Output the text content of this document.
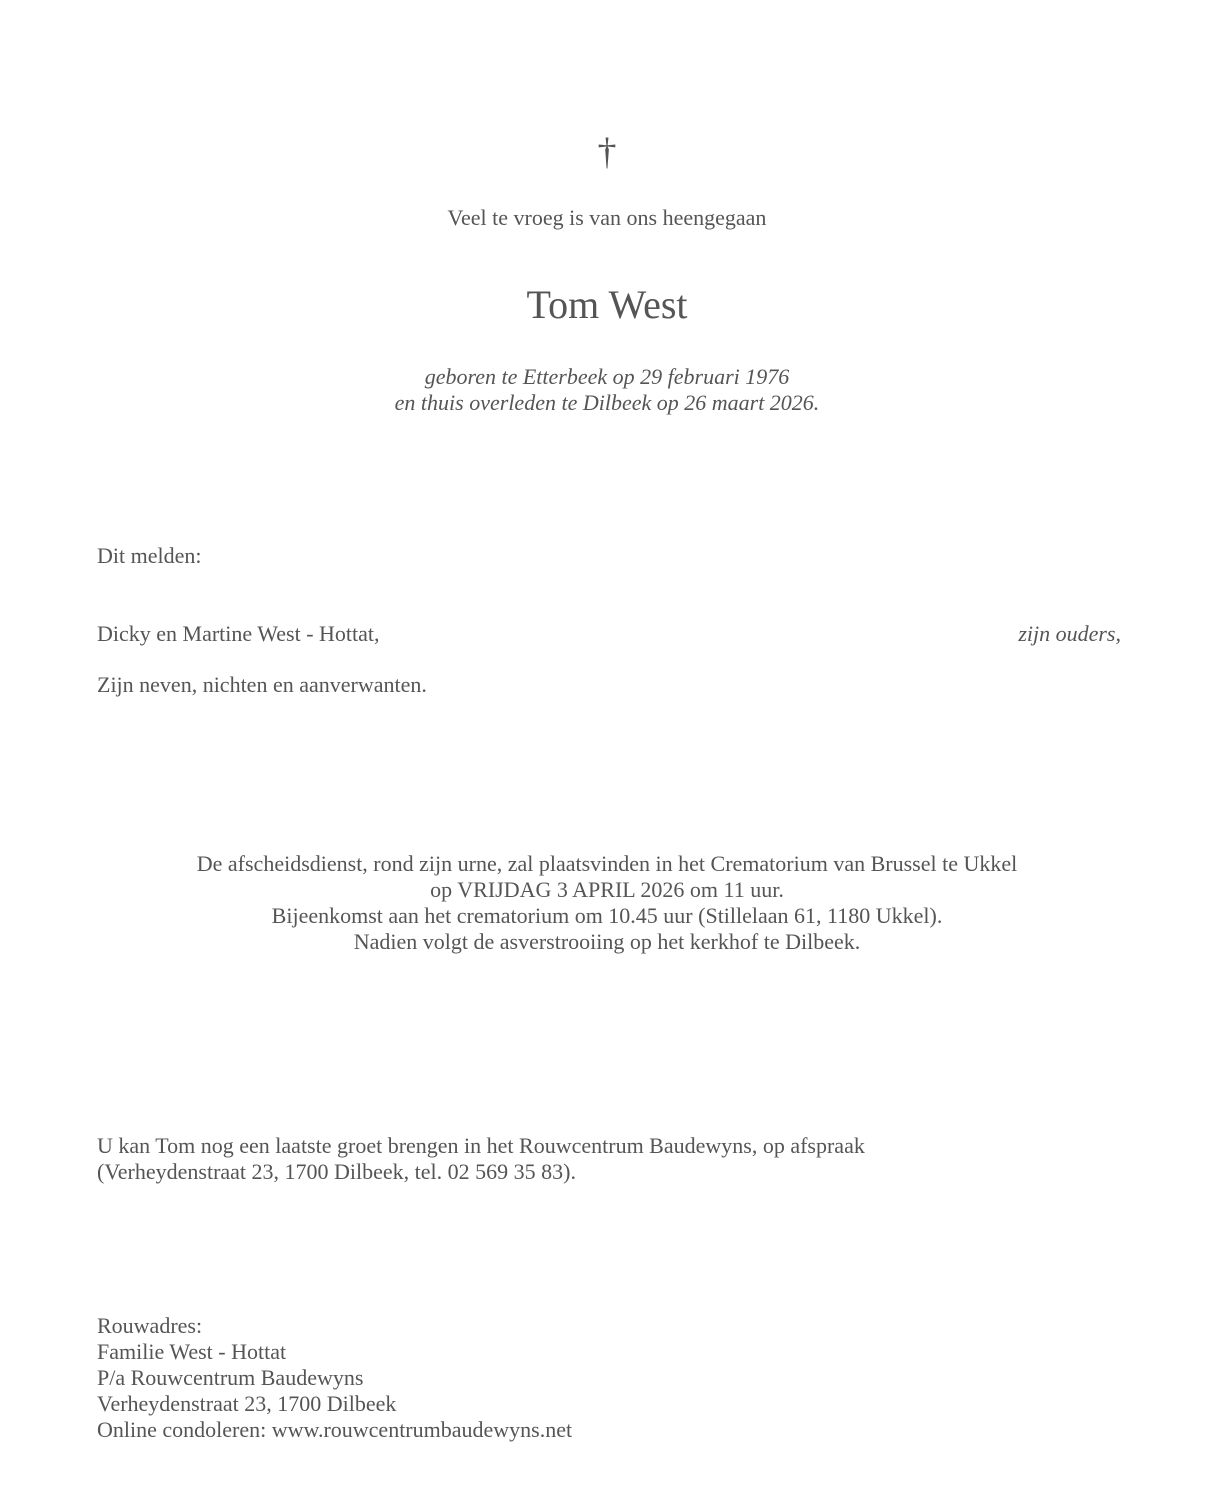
†
Veel te vroeg is van ons heengegaan
Tom West
geboren te Etterbeek op 29 februari 1976
en thuis overleden te Dilbeek op 26 maart 2026.
Dit melden:
Dicky en Martine West - Hottat,	zijn ouders,
Zijn neven, nichten en aanverwanten.
De afscheidsdienst, rond zijn urne, zal plaatsvinden in het Crematorium van Brussel te Ukkel
op VRIJDAG 3 APRIL 2026 om 11 uur.
Bijeenkomst aan het crematorium om 10.45 uur (Stillelaan 61, 1180 Ukkel).
Nadien volgt de asverstrooiing op het kerkhof te Dilbeek.
U kan Tom nog een laatste groet brengen in het Rouwcentrum Baudewyns, op afspraak
(Verheydenstraat 23, 1700 Dilbeek, tel. 02 569 35 83).
Rouwadres:
Familie West - Hottat
P/a Rouwcentrum Baudewyns
Verheydenstraat 23, 1700 Dilbeek
Online condoleren: www.rouwcentrumbaudewyns.net
